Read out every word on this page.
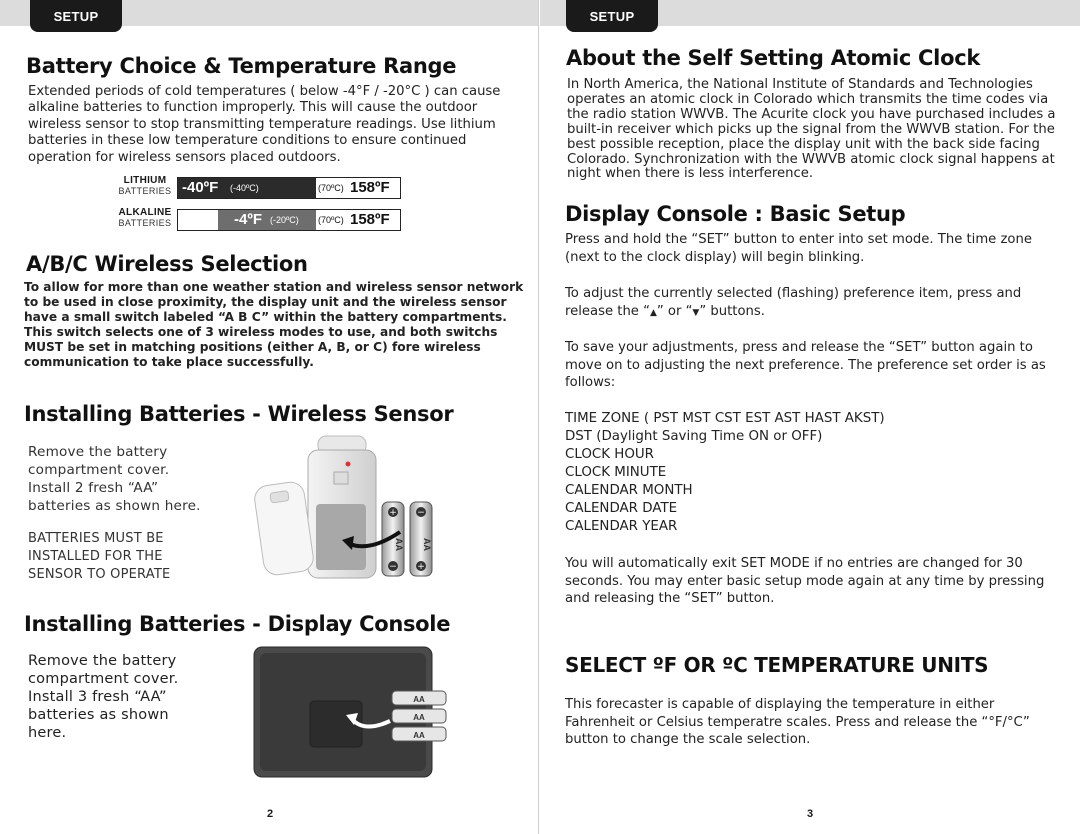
SETUP
Battery Choice & Temperature Range

Extended periods of cold temperatures ( below -4°F / -20°C ) can cause alkaline batteries to function improperly. This will cause the outdoor wireless sensor to stop transmitting temperature readings. Use lithium batteries in these low temperature conditions to ensure continued operation for wireless sensors placed outdoors.

LITHIUM
BATTERIES -40ºF (-40ºC)	(70ºC) 158ºF
ALKALINE
BATTERIES	-4ºF (-20ºC) (70ºC) 158ºF
A/B/C Wireless Selection

To allow for more than one weather station and wireless sensor network to be used in close proximity, the display unit and the wireless sensor have a small switch labeled “A B C” within the battery compartments. This switch selects one of 3 wireless modes to use, and both switchs MUST be set in matching positions (either A, B, or C) fore wireless communication to take place successfully.

Installing Batteries - Wireless Sensor

Remove the battery compartment cover. Install 2 fresh “AA” batteries as shown here.

BATTERIES MUST BE INSTALLED FOR THE SENSOR TO OPERATE

+ −
− +
AA AA
Installing Batteries - Display Console

Remove the battery compartment cover. Install 3 fresh “AA” batteries as shown here.

AA
AA
AA
2
SETUP
About the Self Setting Atomic Clock

In North America, the National Institute of Standards and Technologies operates an atomic clock in Colorado which transmits the time codes via the radio station WWVB. The Acurite clock you have purchased includes a built-in receiver which picks up the signal from the WWVB station. For the best possible reception, place the display unit with the back side facing Colorado. Synchronization with the WWVB atomic clock signal happens at night when there is less interference.

Display Console : Basic Setup

Press and hold the “SET” button to enter into set mode. The time zone (next to the clock display) will begin blinking.

To adjust the currently selected (flashing) preference item, press and release the “▲” or “▼” buttons.

To save your adjustments, press and release the “SET” button again to move on to adjusting the next preference. The preference set order is as follows:

TIME ZONE ( PST MST CST EST AST HAST AKST)
DST (Daylight Saving Time ON or OFF)
CLOCK HOUR
CLOCK MINUTE
CALENDAR MONTH
CALENDAR DATE
CALENDAR YEAR

You will automatically exit SET MODE if no entries are changed for 30 seconds. You may enter basic setup mode again at any time by pressing and releasing the “SET” button.

SELECT ºF OR ºC TEMPERATURE UNITS

This forecaster is capable of displaying the temperature in either Fahrenheit or Celsius temperatre scales. Press and release the “°F/°C” button to change the scale selection.

3
